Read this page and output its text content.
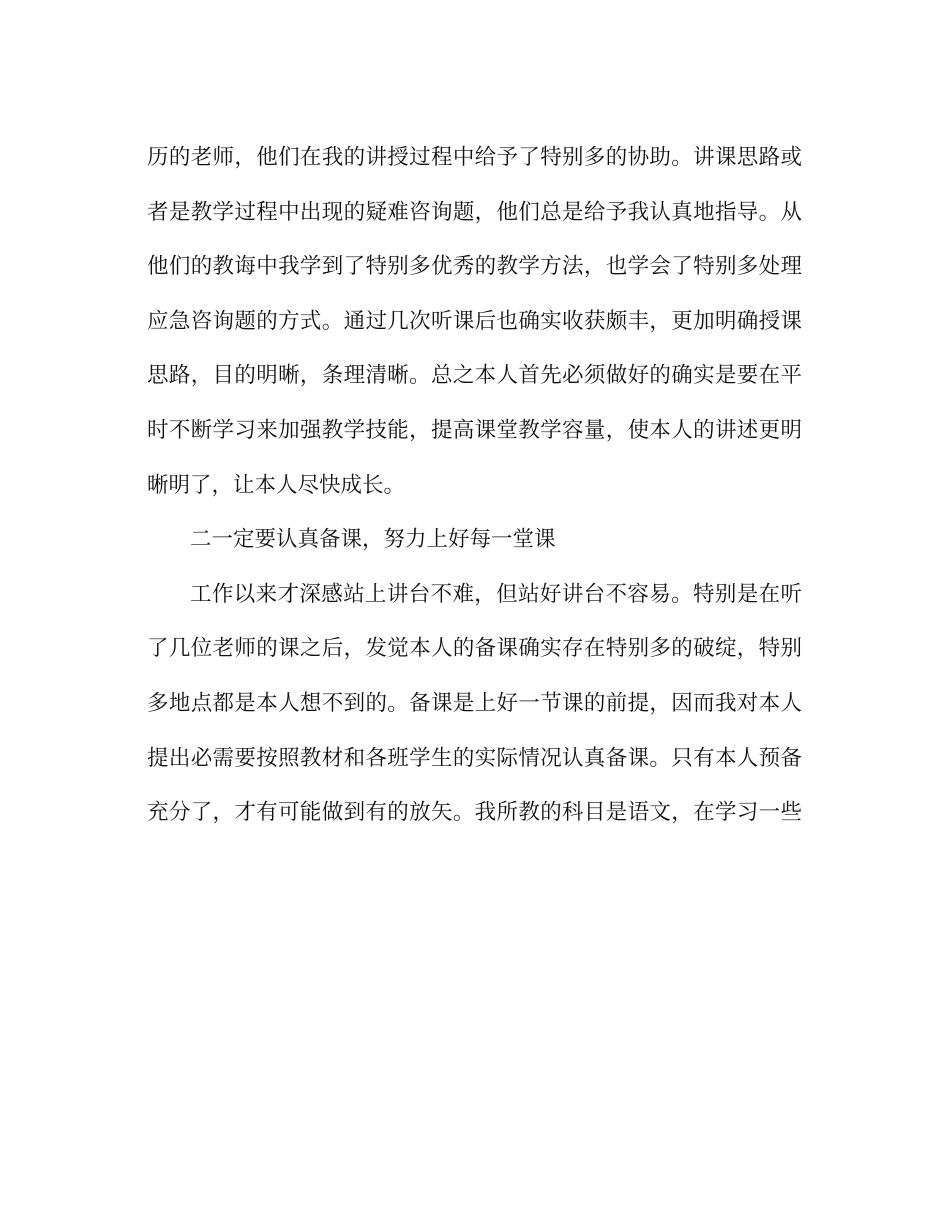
历的老师，他们在我的讲授过程中给予了特别多的协助。讲课思路或
者是教学过程中出现的疑难咨询题，他们总是给予我认真地指导。从
他们的教诲中我学到了特别多优秀的教学方法，也学会了特别多处理
应急咨询题的方式。通过几次听课后也确实收获颇丰，更加明确授课
思路，目的明晰，条理清晰。总之本人首先必须做好的确实是要在平
时不断学习来加强教学技能，提高课堂教学容量，使本人的讲述更明
晰明了，让本人尽快成长。
二一定要认真备课，努力上好每一堂课
工作以来才深感站上讲台不难，但站好讲台不容易。特别是在听
了几位老师的课之后，发觉本人的备课确实存在特别多的破绽，特别
多地点都是本人想不到的。备课是上好一节课的前提，因而我对本人
提出必需要按照教材和各班学生的实际情况认真备课。只有本人预备
充分了，才有可能做到有的放矢。我所教的科目是语文，在学习一些
